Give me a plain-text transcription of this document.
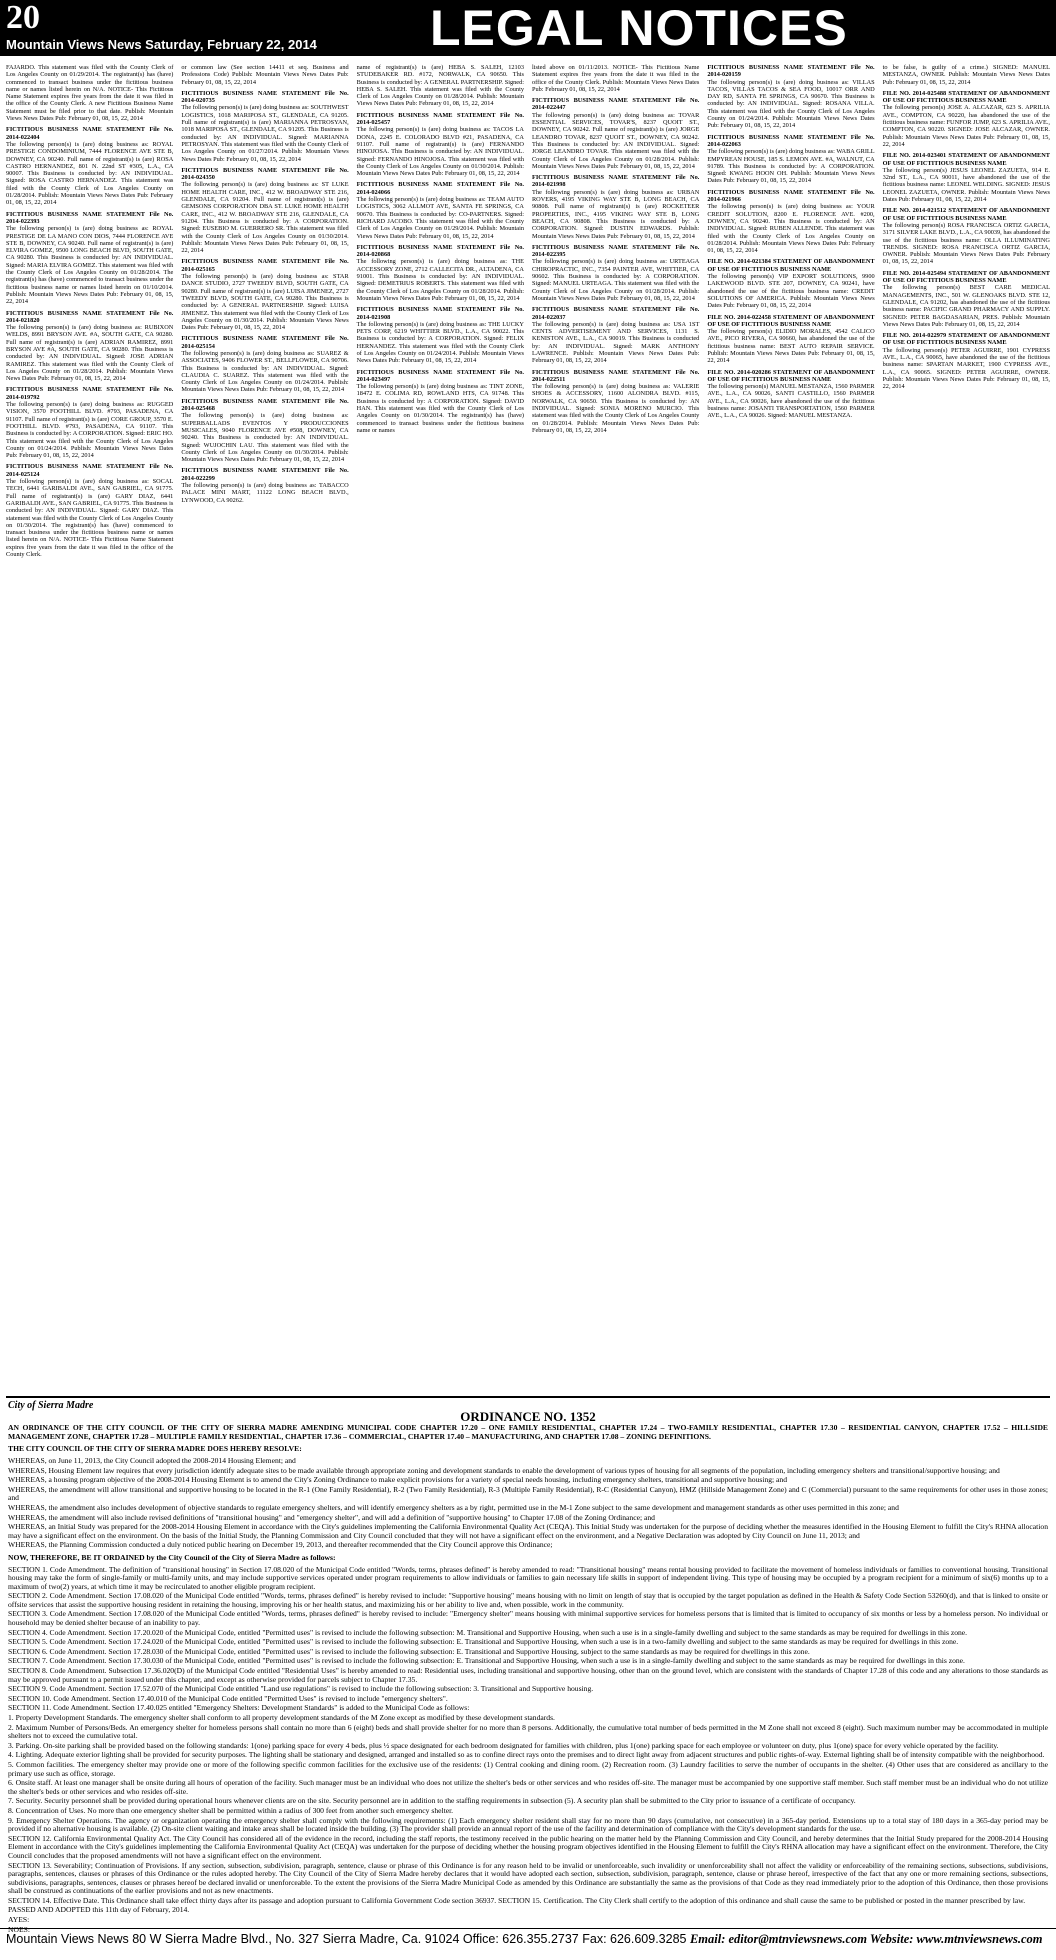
20
Mountain Views News Saturday, February 22, 2014 LEGAL NOTICES
FAJARDO. This statement was filed with the County Clerk of Los Angeles County on 01/29/2014. The registrant(s) has (have) commenced to transact business under the fictitious business name or names listed herein on N/A. NOTICE- This Fictitious Name Statement expires five years from the date it was filed in the office of the County Clerk. A new Fictitious Business Name Statement must be filed prior to that date. Publish: Mountain Views News Dates Pub: February 01, 08, 15, 22, 2014
FICTITIOUS BUSINESS NAME STATEMENT File No. 2014-022404
The following person(s) is (are) doing business as: ROYAL PRESTIGE CONDOMINIUM, 7444 FLORENCE AVE STE B, DOWNEY, CA 90240. Full name of registrant(s) is (are) ROSA CASTRO HERNANDEZ, 801 N. 22nd ST #305, L.A., CA 90007. This Business is conducted by: AN INDIVIDUAL. Signed: ROSA CASTRO HERNANDEZ. This statement was filed with the County Clerk of Los Angeles County on 01/28/2014. Publish: Mountain Views News Dates Pub: February 01, 08, 15, 22, 2014
FICTITIOUS BUSINESS NAME STATEMENT File No. 2014-022393
The following person(s) is (are) doing business as: ROYAL PRESTIGE DE LA MANO CON DIOS, 7444 FLORENCE AVE STE B, DOWNEY, CA 90240. Full name of registrant(s) is (are) ELVIRA GOMEZ, 9500 LONG BEACH BLVD, SOUTH GATE, CA 90280. This Business is conducted by: AN INDIVIDUAL. Signed: MARIA ELVIRA GOMEZ. This statement was filed with the County Clerk of Los Angeles County on 01/28/2014. The registrant(s) has (have) commenced to transact business under the fictitious business name or names listed herein on 01/10/2014. Publish: Mountain Views News Dates Pub: February 01, 08, 15, 22, 2014
FICTITIOUS BUSINESS NAME STATEMENT File No. 2014-021820
The following person(s) is (are) doing business as: RUBIXON WELDS, 8991 BRYSON AVE. #A, SOUTH GATE, CA 90280. Full name of registrant(s) is (are) ADRIAN RAMIREZ, 8991 BRYSON AVE #A, SOUTH GATE, CA 90280. This Business is conducted by: AN INDIVIDUAL. Signed: JOSE ADRIAN RAMIREZ. This statement was filed with the County Clerk of Los Angeles County on 01/28/2014. Publish: Mountain Views News Dates Pub: February 01, 08, 15, 22, 2014
FICTITIOUS BUSINESS NAME STATEMENT File No. 2014-019792
The following person(s) is (are) doing business as: RUGGED VISION, 3570 FOOTHILL BLVD. #793, PASADENA, CA 91107. Full name of registrant(s) is (are) CORE GROUP, 3570 E. FOOTHILL BLVD. #793, PASADENA, CA 91107. This Business is conducted by: A CORPORATION. Signed: ERIC HO. This statement was filed with the County Clerk of Los Angeles County on 01/24/2014. Publish: Mountain Views News Dates Pub: February 01, 08, 15, 22, 2014
FICTITIOUS BUSINESS NAME STATEMENT File No. 2014-025124
The following person(s) is (are) doing business as: SOCAL TECH, 6441 GARIBALDI AVE., SAN GABRIEL, CA 91775. Full name of registrant(s) is (are) GARY DIAZ, 6441 GARIBALDI AVE., SAN GABRIEL, CA 91775. This Business is conducted by: AN INDIVIDUAL. Signed: GARY DIAZ. This statement was filed with the County Clerk of Los Angeles County on 01/30/2014. The registrant(s) has (have) commenced to transact business under the fictitious business name or names listed herein on N/A. NOTICE- This Fictitious Name Statement expires five years from the date it was filed in the office of the County Clerk.
or common law (See section 14411 et seq. Business and Professions Code) Publish: Mountain Views News Dates Pub: February 01, 08, 15, 22, 2014
FICTITIOUS BUSINESS NAME STATEMENT File No. 2014-020735
The following person(s) is (are) doing business as: SOUTHWEST LOGISTICS, 1018 MARIPOSA ST., GLENDALE, CA 91205. Full name of registrant(s) is (are) MARIANNA PETROSYAN, 1018 MARIPOSA ST., GLENDALE, CA 91205. This Business is conducted by: AN INDIVIDUAL. Signed: MARIANNA PETROSYAN. This statement was filed with the County Clerk of Los Angeles County on 01/27/2014. Publish: Mountain Views News Dates Pub: February 01, 08, 15, 22, 2014
FICTITIOUS BUSINESS NAME STATEMENT File No. 2014-024350
The following person(s) is (are) doing business as: ST LUKE HOME HEALTH CARE, INC., 412 W. BROADWAY STE 216, GLENDALE, CA 91204. Full name of registrant(s) is (are) GEMSONS CORPORATION DBA ST. LUKE HOME HEALTH CARE, INC., 412 W. BROADWAY STE 216, GLENDALE, CA 91204. This Business is conducted by: A CORPORATION. Signed: EUSEBIO M. GUERRERO SR. This statement was filed with the County Clerk of Los Angeles County on 01/30/2014. Publish: Mountain Views News Dates Pub: February 01, 08, 15, 22, 2014
FICTITIOUS BUSINESS NAME STATEMENT File No. 2014-025165
The following person(s) is (are) doing business as: STAR DANCE STUDIO, 2727 TWEEDY BLVD, SOUTH GATE, CA 90280. Full name of registrant(s) is (are) LUISA JIMENEZ, 2727 TWEEDY BLVD, SOUTH GATE, CA 90280. This Business is conducted by: A GENERAL PARTNERSHIP. Signed: LUISA JIMENEZ. This statement was filed with the County Clerk of Los Angeles County on 01/30/2014. Publish: Mountain Views News Dates Pub: February 01, 08, 15, 22, 2014
FICTITIOUS BUSINESS NAME STATEMENT File No. 2014-025154
The following person(s) is (are) doing business as: SUAREZ & ASSOCIATES, 9406 FLOWER ST., BELLFLOWER, CA 90706. This Business is conducted by: AN INDIVIDUAL. Signed: CLAUDIA C. SUAREZ. This statement was filed with the County Clerk of Los Angeles County on 01/24/2014. Publish: Mountain Views News Dates Pub: February 01, 08, 15, 22, 2014
FICTITIOUS BUSINESS NAME STATEMENT File No. 2014-025468
The following person(s) is (are) doing business as: SUPERBALLADS EVENTOS Y PRODUCCIONES MUSICALES, 9040 FLORENCE AVE #508, DOWNEY, CA 90240. This Business is conducted by: AN INDIVIDUAL. Signed: WUJOCHIN LAU. This statement was filed with the County Clerk of Los Angeles County on 01/30/2014. Publish: Mountain Views News Dates Pub: February 01, 08, 15, 22, 2014
FICTITIOUS BUSINESS NAME STATEMENT File No. 2014-022299
The following person(s) is (are) doing business as: TABACCO PALACE MINI MART, 11122 LONG BEACH BLVD., LYNWOOD, CA 90262.
name of registrant(s) is (are) HEBA S. SALEH, 12103 STUDEBAKER RD. #172, NORWALK, CA 90650. This Business is conducted by: A GENERAL PARTNERSHIP. Signed: HEBA S. SALEH. This statement was filed with the County Clerk of Los Angeles County on 01/28/2014. Publish: Mountain Views News Dates Pub: February 01, 08, 15, 22, 2014
FICTITIOUS BUSINESS NAME STATEMENT File No. 2014-025457
The following person(s) is (are) doing business as: TACOS LA DONA, 2245 E. COLORADO BLVD #21, PASADENA, CA 91107. Full name of registrant(s) is (are) FERNANDO HINOJOSA. This Business is conducted by: AN INDIVIDUAL. Signed: FERNANDO HINOJOSA. This statement was filed with the County Clerk of Los Angeles County on 01/30/2014. Publish: Mountain Views News Dates Pub: February 01, 08, 15, 22, 2014
FICTITIOUS BUSINESS NAME STATEMENT File No. 2014-024066
The following person(s) is (are) doing business as: TEAM AUTO LOGISTICS, 3062 ALLMOT AVE, SANTA FE SPRINGS, CA 90670. This Business is conducted by: CO-PARTNERS. Signed: RICHARD JACOBO. This statement was filed with the County Clerk of Los Angeles County on 01/29/2014. Publish: Mountain Views News Dates Pub: February 01, 08, 15, 22, 2014
FICTITIOUS BUSINESS NAME STATEMENT File No. 2014-020868
The following person(s) is (are) doing business as: THE ACCESSORY ZONE, 2712 CALLECITA DR., ALTADENA, CA 91001. This Business is conducted by: AN INDIVIDUAL. Signed: DEMETRIUS ROBERTS. This statement was filed with the County Clerk of Los Angeles County on 01/28/2014. Publish: Mountain Views News Dates Pub: February 01, 08, 15, 22, 2014
FICTITIOUS BUSINESS NAME STATEMENT File No. 2014-021908
The following person(s) is (are) doing business as: THE LUCKY PETS CORP, 6219 WHITTIER BLVD., L.A., CA 90022. This Business is conducted by: A CORPORATION. Signed: FELIX HERNANDEZ. This statement was filed with the County Clerk of Los Angeles County on 01/24/2014. Publish: Mountain Views News Dates Pub: February 01, 08, 15, 22, 2014
FICTITIOUS BUSINESS NAME STATEMENT File No. 2014-023497
The following person(s) is (are) doing business as: TINT ZONE, 18472 E. COLIMA RD, ROWLAND HTS, CA 91748. This Business is conducted by: A CORPORATION. Signed: DAVID HAN. This statement was filed with the County Clerk of Los Angeles County on 01/30/2014. The registrant(s) has (have) commenced to transact business under the fictitious business name or names
listed above on 01/11/2013. NOTICE- This Fictitious Name Statement expires five years from the date it was filed in the office of the County Clerk. Publish: Mountain Views News Dates Pub: February 01, 08, 15, 22, 2014
FICTITIOUS BUSINESS NAME STATEMENT File No. 2014-022447
The following person(s) is (are) doing business as: TOVAR ESSENTIAL SERVICES, TOVAR'S, 8237 QUOIT ST., DOWNEY, CA 90242. Full name of registrant(s) is (are) JORGE LEANDRO TOVAR, 8237 QUOIT ST., DOWNEY, CA 90242. This Business is conducted by: AN INDIVIDUAL. Signed: JORGE LEANDRO TOVAR. This statement was filed with the County Clerk of Los Angeles County on 01/28/2014. Publish: Mountain Views News Dates Pub: February 01, 08, 15, 22, 2014
FICTITIOUS BUSINESS NAME STATEMENT File No. 2014-021998
The following person(s) is (are) doing business as: URBAN ROVERS, 4195 VIKING WAY STE B, LONG BEACH, CA 90808. Full name of registrant(s) is (are) ROCKETEER PROPERTIES, INC., 4195 VIKING WAY STE B, LONG BEACH, CA 90808. This Business is conducted by: A CORPORATION. Signed: DUSTIN EDWARDS. Publish: Mountain Views News Dates Pub: February 01, 08, 15, 22, 2014
FICTITIOUS BUSINESS NAME STATEMENT File No. 2014-022395
The following person(s) is (are) doing business as: URTEAGA CHIROPRACTIC, INC., 7354 PAINTER AVE, WHITTIER, CA 90602. This Business is conducted by: A CORPORATION. Signed: MANUEL URTEAGA. This statement was filed with the County Clerk of Los Angeles County on 01/28/2014. Publish: Mountain Views News Dates Pub: February 01, 08, 15, 22, 2014
FICTITIOUS BUSINESS NAME STATEMENT File No. 2014-022037
The following person(s) is (are) doing business as: USA 1ST CENTS ADVERTISEMENT AND SERVICES, 1131 S. KENISTON AVE., L.A., CA 90019. This Business is conducted by: AN INDIVIDUAL. Signed: MARK ANTHONY LAWRENCE. Publish: Mountain Views News Dates Pub: February 01, 08, 15, 22, 2014
FICTITIOUS BUSINESS NAME STATEMENT File No. 2014-022511
The following person(s) is (are) doing business as: VALERIE SHOES & ACCESSORY, 11600 ALONDRA BLVD. #115, NORWALK, CA 90650. This Business is conducted by: AN INDIVIDUAL. Signed: SONIA MORENO MURCIO. This statement was filed with the County Clerk of Los Angeles County on 01/28/2014. Publish: Mountain Views News Dates Pub: February 01, 08, 15, 22, 2014
FICTITIOUS BUSINESS NAME STATEMENT File No. 2014-020159
The following person(s) is (are) doing business as: VILLAS TACOS, VILLAS TACOS & SEA FOOD, 10017 ORR AND DAY RD, SANTA FE SPRINGS, CA 90670. This Business is conducted by: AN INDIVIDUAL. Signed: ROSANA VILLA. This statement was filed with the County Clerk of Los Angeles County on 01/24/2014. Publish: Mountain Views News Dates Pub: February 01, 08, 15, 22, 2014
FICTITIOUS BUSINESS NAME STATEMENT File No. 2014-022063
The following person(s) is (are) doing business as: WABA GRILL EMPYREAN HOUSE, 185 S. LEMON AVE. #A, WALNUT, CA 91789. This Business is conducted by: A CORPORATION. Signed: KWANG HOON OH. Publish: Mountain Views News Dates Pub: February 01, 08, 15, 22, 2014
FICTITIOUS BUSINESS NAME STATEMENT File No. 2014-021966
The following person(s) is (are) doing business as: YOUR CREDIT SOLUTION, 8200 E. FLORENCE AVE. #200, DOWNEY, CA 90240. This Business is conducted by: AN INDIVIDUAL. Signed: RUBEN ALLENDE. This statement was filed with the County Clerk of Los Angeles County on 01/28/2014. Publish: Mountain Views News Dates Pub: February 01, 08, 15, 22, 2014
FILE NO. 2014-021384 STATEMENT OF ABANDONMENT OF USE OF FICTITIOUS BUSINESS NAME
The following person(s) VIP EXPORT SOLUTIONS, 9900 LAKEWOOD BLVD. STE 207, DOWNEY, CA 90241, have abandoned the use of the fictitious business name: CREDIT SOLUTIONS OF AMERICA. Publish: Mountain Views News Dates Pub: February 01, 08, 15, 22, 2014
FILE NO. 2014-022458 STATEMENT OF ABANDONMENT OF USE OF FICTITIOUS BUSINESS NAME
The following person(s) ELIDIO MORALES, 4542 CALICO AVE., PICO RIVERA, CA 90660, has abandoned the use of the fictitious business name: BEST AUTO REPAIR SERVICE. Publish: Mountain Views News Dates Pub: February 01, 08, 15, 22, 2014
FILE NO. 2014-020286 STATEMENT OF ABANDONMENT OF USE OF FICTITIOUS BUSINESS NAME
The following person(s) MANUEL MESTANZA, 1560 PARMER AVE., L.A., CA 90026, SANTI CASTILLO, 1560 PARMER AVE., L.A., CA 90026, have abandoned the use of the fictitious business name: JOSANTI TRANSPORTATION, 1560 PARMER AVE., L.A., CA 90026. Signed: MANUEL MESTANZA.
to be false, is guilty of a crime.) SIGNED: MANUEL MESTANZA, OWNER. Publish: Mountain Views News Dates Pub: February 01, 08, 15, 22, 2014
FILE NO. 2014-025488 STATEMENT OF ABANDONMENT OF USE OF FICTITIOUS BUSINESS NAME
The following person(s) JOSE A. ALCAZAR, 623 S. APRILIA AVE., COMPTON, CA 90220, has abandoned the use of the fictitious business name: FUNFOR JUMP, 623 S. APRILIA AVE., COMPTON, CA 90220. SIGNED: JOSE ALCAZAR, OWNER. Publish: Mountain Views News Dates Pub: February 01, 08, 15, 22, 2014
FILE NO. 2014-023401 STATEMENT OF ABANDONMENT OF USE OF FICTITIOUS BUSINESS NAME
The following person(s) JESUS LEONEL ZAZUETA, 914 E. 32nd ST., L.A., CA 90011, have abandoned the use of the fictitious business name: LEONEL WELDING. SIGNED: JESUS LEONEL ZAZUETA, OWNER. Publish: Mountain Views News Dates Pub: February 01, 08, 15, 22, 2014
FILE NO. 2014-021512 STATEMENT OF ABANDONMENT OF USE OF FICTITIOUS BUSINESS NAME
The following person(s) ROSA FRANCISCA ORTIZ GARCIA, 3171 SILVER LAKE BLVD., L.A., CA 90039, has abandoned the use of the fictitious business name: OLLA ILLUMINATING TRENDS. SIGNED: ROSA FRANCISCA ORTIZ GARCIA, OWNER. Publish: Mountain Views News Dates Pub: February 01, 08, 15, 22, 2014
FILE NO. 2014-025494 STATEMENT OF ABANDONMENT OF USE OF FICTITIOUS BUSINESS NAME
The following person(s) BEST CARE MEDICAL MANAGEMENTS, INC., 501 W. GLENOAKS BLVD. STE 12, GLENDALE, CA 91202, has abandoned the use of the fictitious business name: PACIFIC GRAND PHARMACY AND SUPPLY. SIGNED: PETER BAGDASARIAN, PRES. Publish: Mountain Views News Dates Pub: February 01, 08, 15, 22, 2014
FILE NO. 2014-022979 STATEMENT OF ABANDONMENT OF USE OF FICTITIOUS BUSINESS NAME
The following person(s) PETER AGUIRRE, 1901 CYPRESS AVE., L.A., CA 90065, have abandoned the use of the fictitious business name: SPARTAN MARKET, 1900 CYPRESS AVE., L.A., CA 90065. SIGNED: PETER AGUIRRE, OWNER. Publish: Mountain Views News Dates Pub: February 01, 08, 15, 22, 2014
City of Sierra Madre
ORDINANCE NO. 1352
AN ORDINANCE OF THE CITY COUNCIL OF THE CITY OF SIERRA MADRE AMENDING MUNICIPAL CODE CHAPTER 17.20 – ONE FAMILY RESIDENTIAL, CHAPTER 17.24 – TWO-FAMILY RESIDENTIAL, CHAPTER 17.30 – RESIDENTIAL CANYON, CHAPTER 17.52 – HILLSIDE MANAGEMENT ZONE, CHAPTER 17.28 – MULTIPLE FAMILY RESIDENTIAL, CHAPTER 17.36 – COMMERCIAL, CHAPTER 17.40 – MANUFACTURING, AND CHAPTER 17.08 – ZONING DEFINITIONS.
THE CITY COUNCIL OF THE CITY OF SIERRA MADRE DOES HEREBY RESOLVE:
WHEREAS, on June 11, 2013, the City Council adopted the 2008-2014 Housing Element; and
WHEREAS, Housing Element law requires that every jurisdiction identify adequate sites to be made available through appropriate zoning and development standards to enable the development of various types of housing for all segments of the population, including emergency shelters and transitional/supportive housing; and
WHEREAS, a housing program objective of the 2008-2014 Housing Element is to amend the City's Zoning Ordinance to make explicit provisions for a variety of special needs housing, including emergency shelters, transitional and supportive housing; and
WHEREAS, the amendment will allow transitional and supportive housing to be located in the R-1 (One Family Residential), R-2 (Two Family Residential), R-3 (Multiple Family Residential), R-C (Residential Canyon), HMZ (Hillside Management Zone) and C (Commercial) pursuant to the same requirements for other uses in those zones; and
WHEREAS, the amendment also includes development of objective standards to regulate emergency shelters, and will identify emergency shelters as a by right, permitted use in the M-1 Zone subject to the same development and management standards as other uses permitted in this zone; and
WHEREAS, the amendment will also include revised definitions of "transitional housing" and "emergency shelter", and will add a definition of "supportive housing" to Chapter 17.08 of the Zoning Ordinance; and
WHEREAS, an Initial Study was prepared for the 2008-2014 Housing Element in accordance with the City's guidelines implementing the California Environmental Quality Act (CEQA). This Initial Study was undertaken for the purpose of deciding whether the measures identified in the Housing Element to fulfill the City's RHNA allocation may have a significant effect on the environment. On the basis of the Initial Study, the Planning Commission and City Council concluded that they will not have a significant effect on the environment, and a Negative Declaration was adopted by City Council on June 11, 2013; and
WHEREAS, the Planning Commission conducted a duly noticed public hearing on December 19, 2013, and thereafter recommended that the City Council approve this Ordinance;
NOW, THEREFORE, BE IT ORDAINED by the City Council of the City of Sierra Madre as follows:
SECTION 1. Code Amendment. The definition of "transitional housing" in Section 17.08.020 of the Municipal Code entitled "Words, terms, phrases defined" is hereby amended to read: "Transitional housing" means rental housing provided to facilitate the movement of homeless individuals or families to conventional housing. Transitional housing may take the form of single-family or multi-family units, and may include supportive services operated under program requirements to allow individuals or families to gain necessary life skills in support of independent living. This type of housing may be occupied by a program recipient for a minimum of six(6) months up to a maximum of two(2) years, at which time it may be recirculated to another eligible program recipient.
SECTION 2. Code Amendment. Section 17.08.020 of the Municipal Code entitled "Words, terms, phrases defined" is hereby revised to include: "Supportive housing" means housing with no limit on length of stay that is occupied by the target population as defined in the Health & Safety Code Section 53260(d), and that is linked to onsite or offsite services that assist the supportive housing resident in retaining the housing, improving his or her health status, and maximizing his or her ability to live and, when possible, work in the community.
SECTION 3. Code Amendment. Section 17.08.020 of the Municipal Code entitled "Words, terms, phrases defined" is hereby revised to include: "Emergency shelter" means housing with minimal supportive services for homeless persons that is limited that is limited to occupancy of six months or less by a homeless person. No individual or household may be denied shelter because of an inability to pay.
SECTION 4. Code Amendment. Section 17.20.020 of the Municipal Code, entitled "Permitted uses" is revised to include the following subsection: M. Transitional and Supportive Housing, when such a use is in a single-family dwelling and subject to the same standards as may be required for dwellings in this zone.
SECTION 5. Code Amendment. Section 17.24.020 of the Municipal Code, entitled "Permitted uses" is revised to include the following subsection: E. Transitional and Supportive Housing, when such a use is in a two-family dwelling and subject to the same standards as may be required for dwellings in this zone.
SECTION 6. Code Amendment. Section 17.28.030 of the Municipal Code, entitled "Permitted uses" is revised to include the following subsection: E. Transitional and Supportive Housing, subject to the same standards as may be required for dwellings in this zone.
SECTION 7. Code Amendment. Section 17.30.030 of the Municipal Code, entitled "Permitted uses" is revised to include the following subsection: E. Transitional and Supportive Housing, when such a use is in a single-family dwelling and subject to the same standards as may be required for dwellings in this zone.
SECTION 8. Code Amendment. Subsection 17.36.020(D) of the Municipal Code entitled "Residential Uses" is hereby amended to read: Residential uses, including transitional and supportive housing, other than on the ground level, which are consistent with the standards of Chapter 17.28 of this code and any alterations to those standards as may be approved pursuant to a permit issued under this chapter, and except as otherwise provided for parcels subject to Chapter 17.35.
SECTION 9. Code Amendment. Section 17.52.070 of the Municipal Code entitled "Land use regulations" is revised to include the following subsection: 3. Transitional and Supportive housing.
SECTION 10. Code Amendment. Section 17.40.010 of the Municipal Code entitled "Permitted Uses" is revised to include "emergency shelters".
SECTION 11. Code Amendment. Section 17.40.025 entitled "Emergency Shelters: Development Standards" is added to the Municipal Code as follows:
1. Property Development Standards. The emergency shelter shall conform to all property development standards of the M Zone except as modified by these development standards.
2. Maximum Number of Persons/Beds. An emergency shelter for homeless persons shall contain no more than 6 (eight) beds and shall provide shelter for no more than 8 persons. Additionally, the cumulative total number of beds permitted in the M Zone shall not exceed 8 (eight). Such maximum number may be accommodated in multiple shelters not to exceed the cumulative total.
3. Parking. On-site parking shall be provided based on the following standards: 1(one) parking space for every 4 beds, plus ½ space designated for each bedroom designated for families with children, plus 1(one) parking space for each employee or volunteer on duty, plus 1(one) space for every vehicle operated by the facility.
4. Lighting. Adequate exterior lighting shall be provided for security purposes. The lighting shall be stationary and designed, arranged and installed so as to confine direct rays onto the premises and to direct light away from adjacent structures and public rights-of-way. External lighting shall be of intensity compatible with the neighborhood.
5. Common facilities. The emergency shelter may provide one or more of the following specific common facilities for the exclusive use of the residents: (1) Central cooking and dining room. (2) Recreation room. (3) Laundry facilities to serve the number of occupants in the shelter. (4) Other uses that are considered as ancillary to the primary use such as office, storage.
6. Onsite staff. At least one manager shall be onsite during all hours of operation of the facility. Such manager must be an individual who does not utilize the shelter's beds or other services and who resides off-site. The manager must be accompanied by one supportive staff member. Such staff member must be an individual who do not utilize the shelter's beds or other services and who resides off-site.
7. Security. Security personnel shall be provided during operational hours whenever clients are on the site. Security personnel are in addition to the staffing requirements in subsection (5). A security plan shall be submitted to the City prior to issuance of a certificate of occupancy.
8. Concentration of Uses. No more than one emergency shelter shall be permitted within a radius of 300 feet from another such emergency shelter.
9. Emergency Shelter Operations. The agency or organization operating the emergency shelter shall comply with the following requirements: (1) Each emergency shelter resident shall stay for no more than 90 days (cumulative, not consecutive) in a 365-day period. Extensions up to a total stay of 180 days in a 365-day period may be provided if no alternative housing is available. (2) On-site client waiting and intake areas shall be located inside the building. (3) The provider shall provide an annual report of the use of the facility and determination of compliance with the City's development standards for the use.
SECTION 12. California Environmental Quality Act. The City Council has considered all of the evidence in the record, including the staff reports, the testimony received in the public hearing on the matter held by the Planning Commission and City Council, and hereby determines that the Initial Study prepared for the 2008-2014 Housing Element in accordance with the City's guidelines implementing the California Environmental Quality Act (CEQA) was undertaken for the purpose of deciding whether the housing program objectives identified in the Housing Element to fulfill the City's RHNA allocation may have a significant effect on the environment. Therefore, the City Council concludes that the proposed amendments will not have a significant effect on the environment.
SECTION 13. Severability; Continuation of Provisions. If any section, subsection, subdivision, paragraph, sentence, clause or phrase of this Ordinance is for any reason held to be invalid or unenforceable, such invalidity or unenforceability shall not affect the validity or enforceability of the remaining sections, subsections, subdivisions, paragraphs, sentences, clauses or phrases of this Ordinance or the rules adopted hereby. The City Council of the City of Sierra Madre hereby declares that it would have adopted each section, subsection, subdivision, paragraph, sentence, clause or phrase hereof, irrespective of the fact that any one or more remaining sections, subsections, subdivisions, paragraphs, sentences, clauses or phrases hereof be declared invalid or unenforceable. To the extent the provisions of the Sierra Madre Municipal Code as amended by this Ordinance are substantially the same as the provisions of that Code as they read immediately prior to the adoption of this Ordinance, then those provisions shall be construed as continuations of the earlier provisions and not as new enactments.
SECTION 14. Effective Date. This Ordinance shall take effect thirty days after its passage and adoption pursuant to California Government Code section 36937. SECTION 15. Certification. The City Clerk shall certify to the adoption of this ordinance and shall cause the same to be published or posted in the manner prescribed by law.
PASSED AND ADOPTED this 11th day of February, 2014.
AYES:
NOES:
Mountain Views News 80 W Sierra Madre Blvd., No. 327 Sierra Madre, Ca. 91024 Office: 626.355.2737 Fax: 626.609.3285 Email: editor@mtnviewsnews.com Website: www.mtnviewsnews.com
